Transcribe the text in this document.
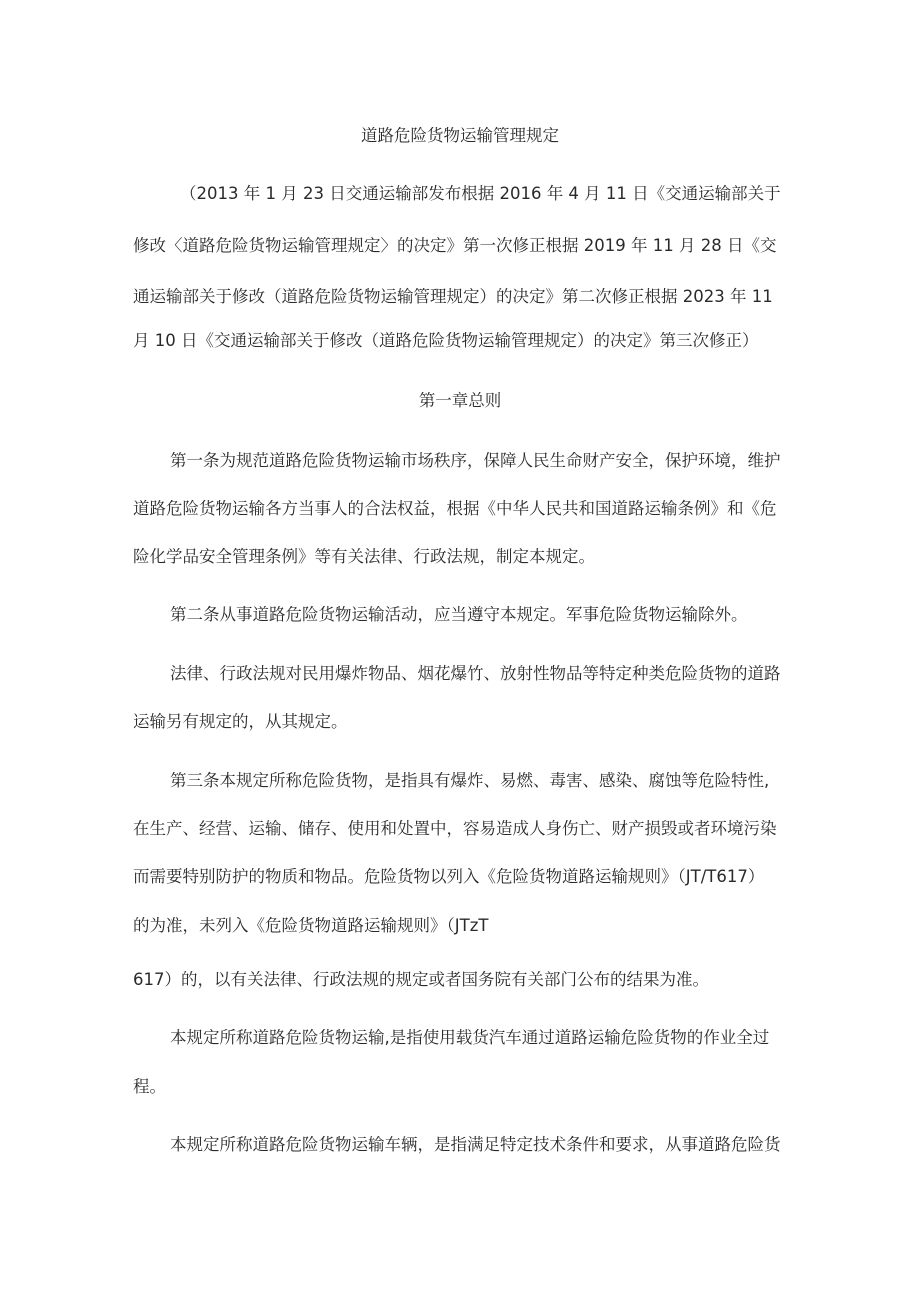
道路危险货物运输管理规定
（2013 年 1 月 23 日交通运输部发布根据 2016 年 4 月 11 日《交通运输部关于
修改〈道路危险货物运输管理规定〉的决定》第一次修正根据 2019 年 11 月 28 日《交
通运输部关于修改（道路危险货物运输管理规定）的决定》第二次修正根据 2023 年 11
月 10 日《交通运输部关于修改（道路危险货物运输管理规定）的决定》第三次修正）
第一章总则
第一条为规范道路危险货物运输市场秩序，保障人民生命财产安全，保护环境，维护
道路危险货物运输各方当事人的合法权益，根据《中华人民共和国道路运输条例》和《危
险化学品安全管理条例》等有关法律、行政法规，制定本规定。
第二条从事道路危险货物运输活动，应当遵守本规定。军事危险货物运输除外。
法律、行政法规对民用爆炸物品、烟花爆竹、放射性物品等特定种类危险货物的道路
运输另有规定的，从其规定。
第三条本规定所称危险货物，是指具有爆炸、易燃、毒害、感染、腐蚀等危险特性,
在生产、经营、运输、储存、使用和处置中，容易造成人身伤亡、财产损毁或者环境污染
而需要特别防护的物质和物品。危险货物以列入《危险货物道路运输规则》（JT/T617）
的为准，未列入《危险货物道路运输规则》（JTzT
617）的，以有关法律、行政法规的规定或者国务院有关部门公布的结果为准。
本规定所称道路危险货物运输,是指使用载货汽车通过道路运输危险货物的作业全过
程。
本规定所称道路危险货物运输车辆，是指满足特定技术条件和要求，从事道路危险货
